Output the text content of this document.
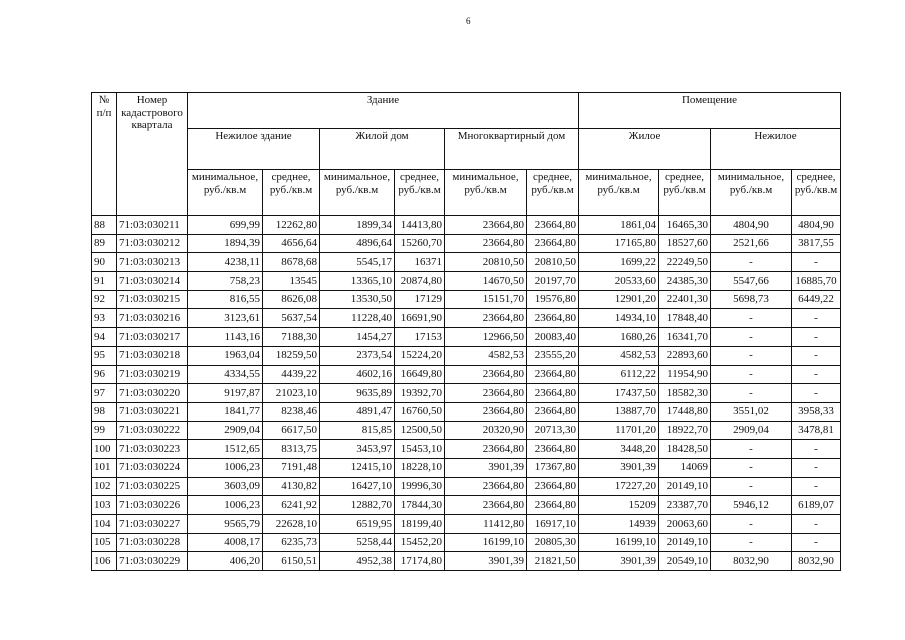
6
№ п/п	Номер кадастрового квартала	Здание						Помещение			
		Нежилое здание		Жилой дом		Многоквартирный дом		Жилое		Нежилое	
		минимальное, руб./кв.м	среднее, руб./кв.м	минимальное, руб./кв.м	среднее, руб./кв.м	минимальное, руб./кв.м	среднее, руб./кв.м	минимальное, руб./кв.м	среднее, руб./кв.м	минимальное, руб./кв.м	среднее, руб./кв.м
88	71:03:030211	699,99	12262,80	1899,34	14413,80	23664,80	23664,80	1861,04	16465,30	4804,90	4804,90
89	71:03:030212	1894,39	4656,64	4896,64	15260,70	23664,80	23664,80	17165,80	18527,60	2521,66	3817,55
90	71:03:030213	4238,11	8678,68	5545,17	16371	20810,50	20810,50	1699,22	22249,50	-	-
91	71:03:030214	758,23	13545	13365,10	20874,80	14670,50	20197,70	20533,60	24385,30	5547,66	16885,70
92	71:03:030215	816,55	8626,08	13530,50	17129	15151,70	19576,80	12901,20	22401,30	5698,73	6449,22
93	71:03:030216	3123,61	5637,54	11228,40	16691,90	23664,80	23664,80	14934,10	17848,40	-	-
94	71:03:030217	1143,16	7188,30	1454,27	17153	12966,50	20083,40	1680,26	16341,70	-	-
95	71:03:030218	1963,04	18259,50	2373,54	15224,20	4582,53	23555,20	4582,53	22893,60	-	-
96	71:03:030219	4334,55	4439,22	4602,16	16649,80	23664,80	23664,80	6112,22	11954,90	-	-
97	71:03:030220	9197,87	21023,10	9635,89	19392,70	23664,80	23664,80	17437,50	18582,30	-	-
98	71:03:030221	1841,77	8238,46	4891,47	16760,50	23664,80	23664,80	13887,70	17448,80	3551,02	3958,33
99	71:03:030222	2909,04	6617,50	815,85	12500,50	20320,90	20713,30	11701,20	18922,70	2909,04	3478,81
100	71:03:030223	1512,65	8313,75	3453,97	15453,10	23664,80	23664,80	3448,20	18428,50	-	-
101	71:03:030224	1006,23	7191,48	12415,10	18228,10	3901,39	17367,80	3901,39	14069	-	-
102	71:03:030225	3603,09	4130,82	16427,10	19996,30	23664,80	23664,80	17227,20	20149,10	-	-
103	71:03:030226	1006,23	6241,92	12882,70	17844,30	23664,80	23664,80	15209	23387,70	5946,12	6189,07
104	71:03:030227	9565,79	22628,10	6519,95	18199,40	11412,80	16917,10	14939	20063,60	-	-
105	71:03:030228	4008,17	6235,73	5258,44	15452,20	16199,10	20805,30	16199,10	20149,10	-	-
106	71:03:030229	406,20	6150,51	4952,38	17174,80	3901,39	21821,50	3901,39	20549,10	8032,90	8032,90
